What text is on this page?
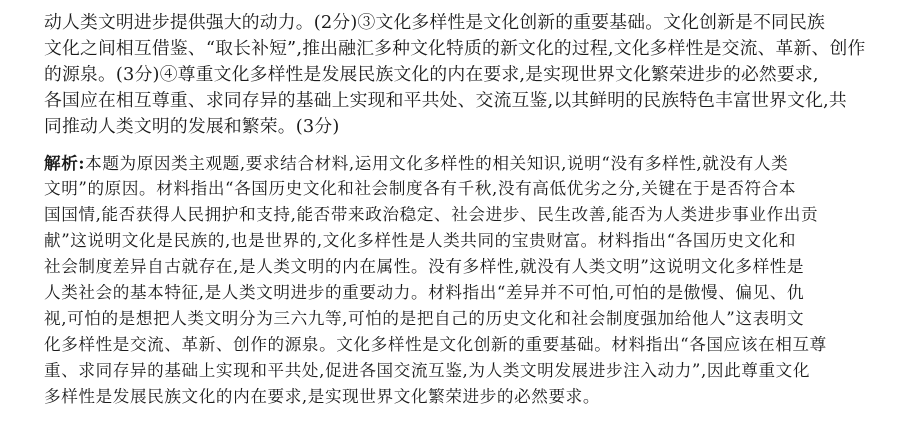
动人类文明进步提供强大的动力。(2分)③文化多样性是文化创新的重要基础。文化创新是不同民族
文化之间相互借鉴、“取长补短”,推出融汇多种文化特质的新文化的过程,文化多样性是交流、革新、创作
的源泉。(3分)④尊重文化多样性是发展民族文化的内在要求,是实现世界文化繁荣进步的必然要求,
各国应在相互尊重、求同存异的基础上实现和平共处、交流互鉴,以其鲜明的民族特色丰富世界文化,共
同推动人类文明的发展和繁荣。(3分)
解析:本题为原因类主观题,要求结合材料,运用文化多样性的相关知识,说明“没有多样性,就没有人类
文明”的原因。材料指出“各国历史文化和社会制度各有千秋,没有高低优劣之分,关键在于是否符合本
国国情,能否获得人民拥护和支持,能否带来政治稳定、社会进步、民生改善,能否为人类进步事业作出贡
献”这说明文化是民族的,也是世界的,文化多样性是人类共同的宝贵财富。材料指出“各国历史文化和
社会制度差异自古就存在,是人类文明的内在属性。没有多样性,就没有人类文明”这说明文化多样性是
人类社会的基本特征,是人类文明进步的重要动力。材料指出“差异并不可怕,可怕的是傲慢、偏见、仇
视,可怕的是想把人类文明分为三六九等,可怕的是把自己的历史文化和社会制度强加给他人”这表明文
化多样性是交流、革新、创作的源泉。文化多样性是文化创新的重要基础。材料指出“各国应该在相互尊
重、求同存异的基础上实现和平共处,促进各国交流互鉴,为人类文明发展进步注入动力”,因此尊重文化
多样性是发展民族文化的内在要求,是实现世界文化繁荣进步的必然要求。
